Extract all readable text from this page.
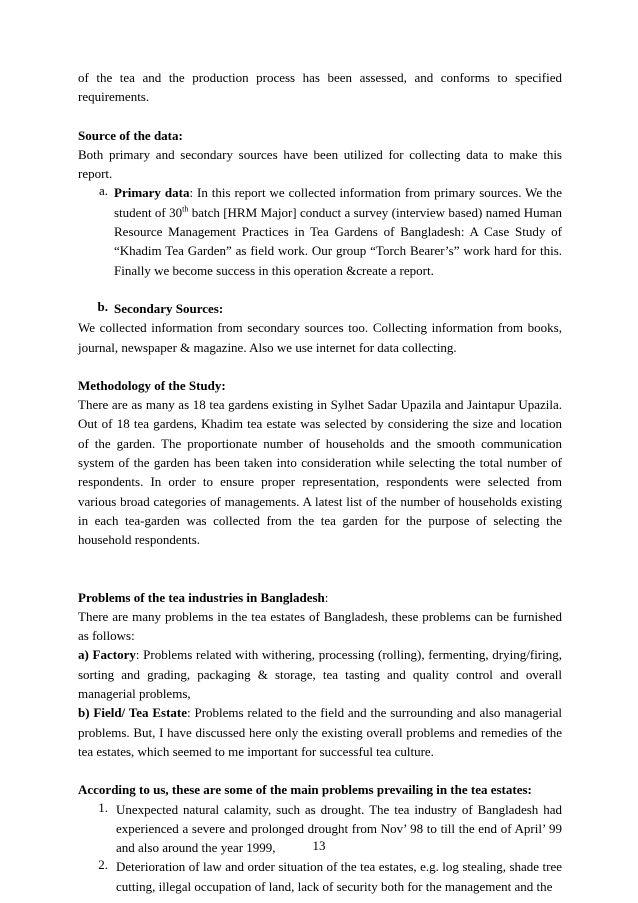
of the tea and the production process has been assessed, and conforms to specified requirements.

Source of the data:

Both primary and secondary sources have been utilized for collecting data to make this report.

a. Primary data: In this report we collected information from primary sources. We the student of 30th batch [HRM Major] conduct a survey (interview based) named Human Resource Management Practices in Tea Gardens of Bangladesh: A Case Study of “Khadim Tea Garden” as field work. Our group “Torch Bearer’s” work hard for this. Finally we become success in this operation &create a report.

b. Secondary Sources:

We collected information from secondary sources too. Collecting information from books, journal, newspaper & magazine. Also we use internet for data collecting.

Methodology of the Study:

There are as many as 18 tea gardens existing in Sylhet Sadar Upazila and Jaintapur Upazila. Out of 18 tea gardens, Khadim tea estate was selected by considering the size and location of the garden. The proportionate number of households and the smooth communication system of the garden has been taken into consideration while selecting the total number of respondents. In order to ensure proper representation, respondents were selected from various broad categories of managements. A latest list of the number of households existing in each tea-garden was collected from the tea garden for the purpose of selecting the household respondents.

Problems of the tea industries in Bangladesh:

There are many problems in the tea estates of Bangladesh, these problems can be furnished as follows:

a) Factory: Problems related with withering, processing (rolling), fermenting, drying/firing, sorting and grading, packaging & storage, tea tasting and quality control and overall managerial problems,

b) Field/ Tea Estate: Problems related to the field and the surrounding and also managerial problems. But, I have discussed here only the existing overall problems and remedies of the tea estates, which seemed to me important for successful tea culture.

According to us, these are some of the main problems prevailing in the tea estates:

1. Unexpected natural calamity, such as drought. The tea industry of Bangladesh had experienced a severe and prolonged drought from Nov’ 98 to till the end of April’ 99 and also around the year 1999,

2. Deterioration of law and order situation of the tea estates, e.g. log stealing, shade tree cutting, illegal occupation of land, lack of security both for the management and the

13
